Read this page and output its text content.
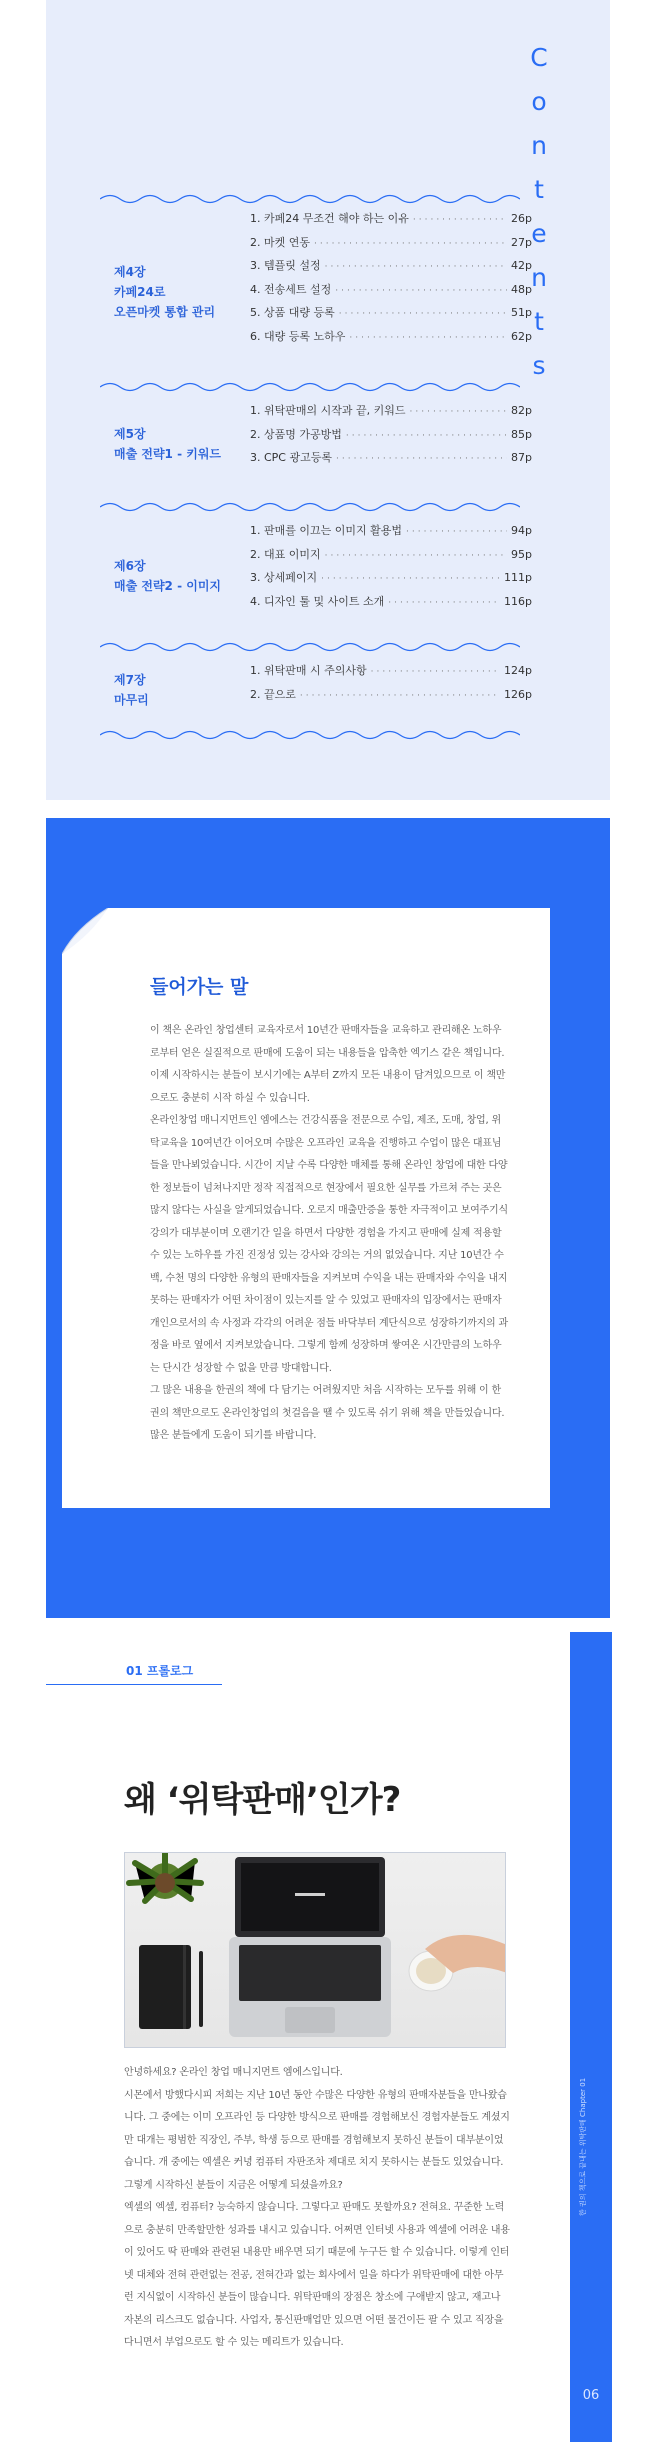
C
o
n
t
e
n
t
s
제4장
카페24로
오픈마켓 통합 관리
1. 카페24 무조건 해야 하는 이유 ·····	26p
2. 마켓 연동 ·····	27p
3. 템플릿 설정 ·····	42p
4. 전송세트 설정 ·····	48p
5. 상품 대량 등록 ·····	51p
6. 대량 등록 노하우 ·····	62p
제5장
매출 전략1 - 키워드
1. 위탁판매의 시작과 끝, 키워드 ·····	82p
2. 상품명 가공방법 ·····	85p
3. CPC 광고등록 ·····	87p
제6장
매출 전략2 - 이미지
1. 판매를 이끄는 이미지 활용법 ·····	94p
2. 대표 이미지 ·····	95p
3. 상세페이지 ·····	111p
4. 디자인 툴 및 사이트 소개 ·····	116p
제7장
마무리
1. 위탁판매 시 주의사항 ·····	124p
2. 끝으로 ·····	126p
들어가는 말

이 책은 온라인 창업센터 교육자로서 10년간 판매자들을 교육하고 관리해온 노하우로부터 얻은 실질적으로 판매에 도움이 되는 내용들을 압축한 엑기스 같은 책입니다. 이제 시작하시는 분들이 보시기에는 A부터 Z까지 모든 내용이 담겨있으므로 이 책만으로도 충분히 시작 하실 수 있습니다.

온라인창업 매니지먼트인 엠에스는 건강식품을 전문으로 수입, 제조, 도매, 창업, 위탁교육을 10여년간 이어오며 수많은 오프라인 교육을 진행하고 수업이 많은 대표님들을 만나뵈었습니다. 시간이 지날 수록 다양한 매체를 통해 온라인 창업에 대한 다양한 정보들이 넘쳐나지만 정작 직접적으로 현장에서 필요한 실무를 가르쳐 주는 곳은 많지 않다는 사실을 알게되었습니다. 오로지 매출만증을 통한 자극적이고 보여주기식 강의가 대부분이며 오랜기간 일을 하면서 다양한 경험을 가지고 판매에 실제 적용할 수 있는 노하우를 가진 진정성 있는 강사와 강의는 거의 없었습니다. 지난 10년간 수백, 수천 명의 다양한 유형의 판매자들을 지켜보며 수익을 내는 판매자와 수익을 내지 못하는 판매자가 어떤 차이점이 있는지를 알 수 있었고 판매자의 입장에서는 판매자 개인으로서의 속 사정과 각각의 어려운 점들 바닥부터 계단식으로 성장하기까지의 과정을 바로 옆에서 지켜보았습니다. 그렇게 함께 성장하며 쌓여온 시간만큼의 노하우는 단시간 성장할 수 없을 만큼 방대합니다.

그 많은 내용을 한권의 책에 다 담기는 어려웠지만 처음 시작하는 모두를 위해 이 한권의 책만으로도 온라인창업의 첫걸음을 땔 수 있도록 쉬기 위해 책을 만들었습니다. 많은 분들에게 도움이 되기를 바랍니다.

한 권의 책으로 끝내는 위탁판매 Chapter 01
06
01 프롤로그
왜 ‘위탁판매’인가?

안녕하세요? 온라인 창업 매니지먼트 엠에스입니다.

시몬에서 방했다시피 저희는 지난 10년 동안 수많은 다양한 유형의 판매자분들을 만나왔습니다. 그 중에는 이미 오프라인 등 다양한 방식으로 판매를 경험해보신 경험자분들도 계셨지만 대개는 평범한 직장인, 주부, 학생 등으로 판매를 경험해보지 못하신 분들이 대부분이었습니다. 개 중에는 엑셀은 커녕 컴퓨터 자판조차 제대로 치지 못하시는 분들도 있었습니다. 그렇게 시작하신 분들이 지금은 어떻게 되셨을까요?

엑셀의 엑셀, 컴퓨터? 능숙하지 않습니다. 그렇다고 판매도 못할까요? 전혀요. 꾸준한 노력으로 충분히 만족할만한 성과를 내시고 있습니다. 어쩌면 인터넷 사용과 엑셀에 어려운 내용이 있어도 딱 판매와 관련된 내용만 배우면 되기 때문에 누구든 할 수 있습니다. 이렇게 인터넷 대체와 전혀 관련없는 전공, 전혀간과 없는 회사에서 일을 하다가 위탁판매에 대한 아무런 지식없이 시작하신 분들이 많습니다. 위탁판매의 장점은 창소에 구애받지 않고, 재고나 자본의 리스크도 없습니다. 사업자, 통신판매업만 있으면 어떤 물건이든 팔 수 있고 직장을 다니면서 부업으로도 할 수 있는 메리트가 있습니다.
